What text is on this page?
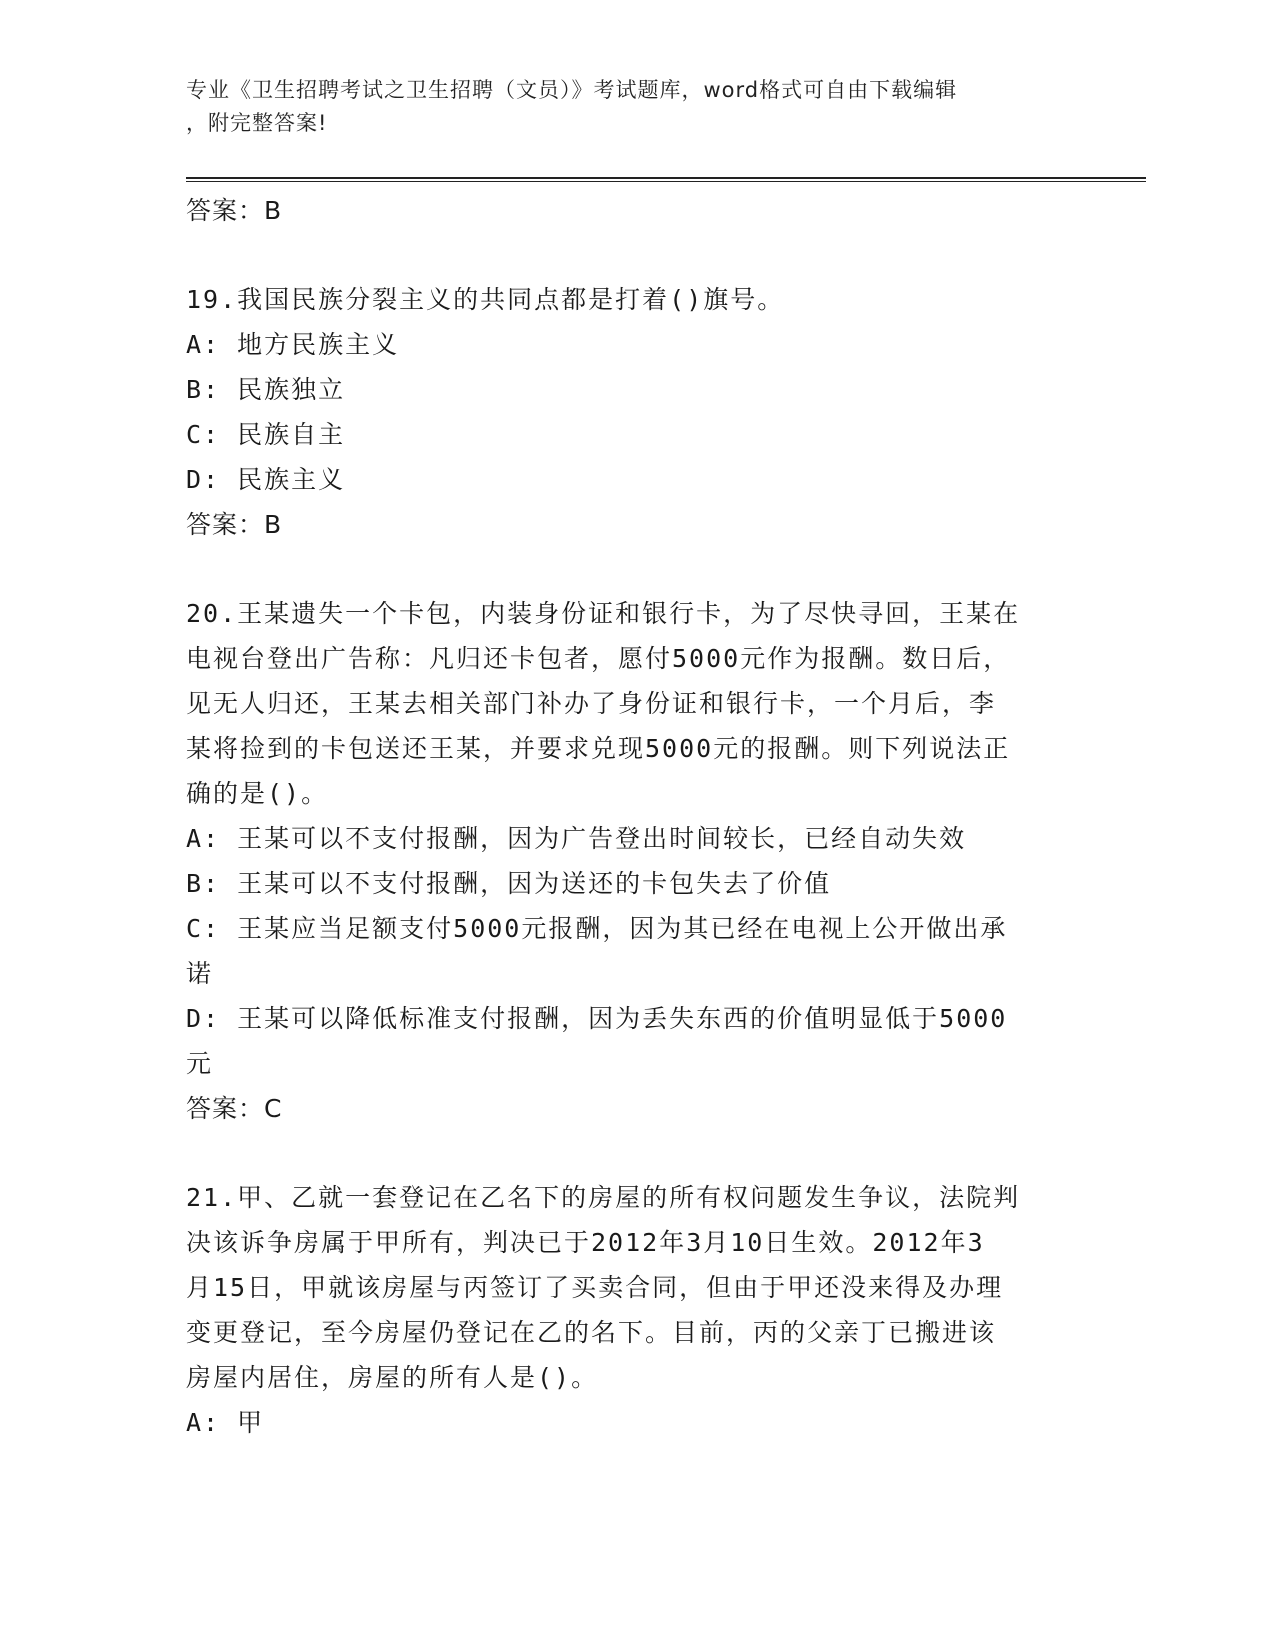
专业《卫生招聘考试之卫生招聘（文员）》考试题库，word格式可自由下载编辑
，附完整答案!

答案：B

19.我国民族分裂主义的共同点都是打着()旗号。

A: 地方民族主义

B: 民族独立

C: 民族自主

D: 民族主义

答案：B

20.王某遗失一个卡包，内装身份证和银行卡，为了尽快寻回，王某在

电视台登出广告称：凡归还卡包者，愿付5000元作为报酬。数日后，

见无人归还，王某去相关部门补办了身份证和银行卡，一个月后，李

某将捡到的卡包送还王某，并要求兑现5000元的报酬。则下列说法正

确的是()。

A: 王某可以不支付报酬，因为广告登出时间较长，已经自动失效

B: 王某可以不支付报酬，因为送还的卡包失去了价值

C: 王某应当足额支付5000元报酬，因为其已经在电视上公开做出承

诺

D: 王某可以降低标准支付报酬，因为丢失东西的价值明显低于5000

元

答案：C

21.甲、乙就一套登记在乙名下的房屋的所有权问题发生争议，法院判

决该诉争房属于甲所有，判决已于2012年3月10日生效。2012年3

月15日，甲就该房屋与丙签订了买卖合同，但由于甲还没来得及办理

变更登记，至今房屋仍登记在乙的名下。目前，丙的父亲丁已搬进该

房屋内居住，房屋的所有人是()。

A: 甲
